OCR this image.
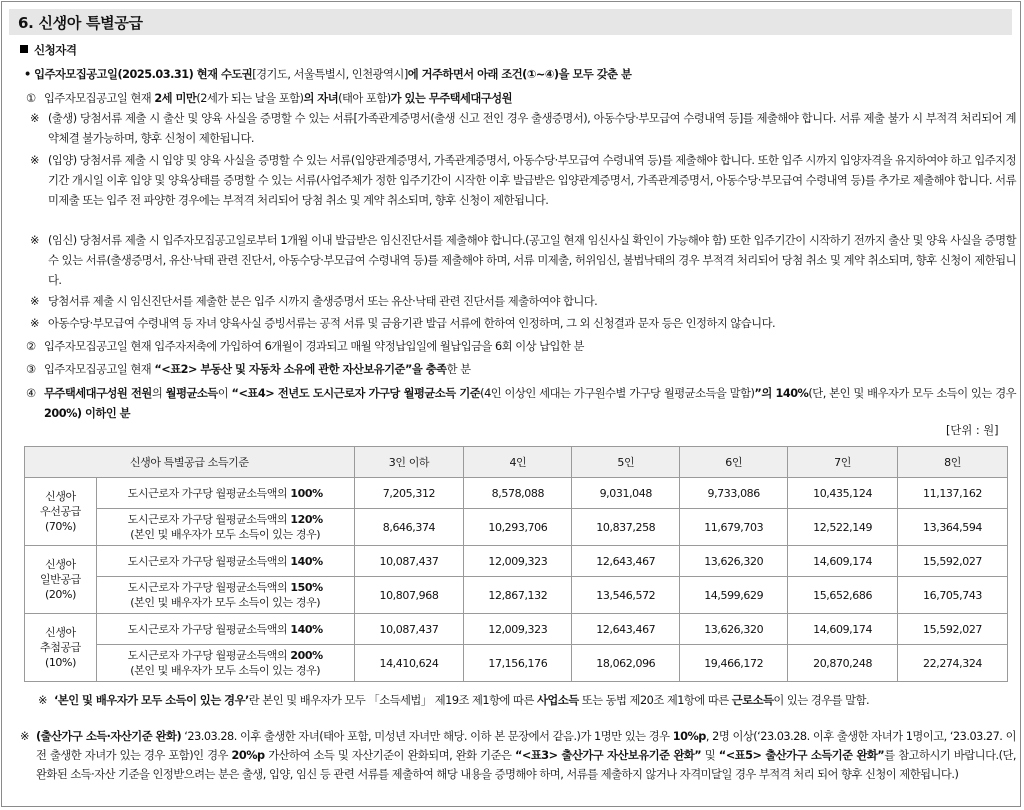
6. 신생아 특별공급
신청자격
• 입주자모집공고일(2025.03.31) 현재 수도권[경기도, 서울특별시, 인천광역시]에 거주하면서 아래 조건(①~④)을 모두 갖춘 분
① 입주자모집공고일 현재 2세 미만(2세가 되는 날을 포함)의 자녀(태아 포함)가 있는 무주택세대구성원
※ (출생) 당첨서류 제출 시 출산 및 양육 사실을 증명할 수 있는 서류[가족관계증명서(출생 신고 전인 경우 출생증명서), 아동수당·부모급여 수령내역 등]를 제출해야 합니다. 서류 제출 불가 시 부적격 처리되어 계약체결 불가능하며, 향후 신청이 제한됩니다.
※ (입양) 당첨서류 제출 시 입양 및 양육 사실을 증명할 수 있는 서류(입양관계증명서, 가족관계증명서, 아동수당·부모급여 수령내역 등)를 제출해야 합니다. 또한 입주 시까지 입양자격을 유지하여야 하고 입주지정기간 개시일 이후 입양 및 양육상태를 증명할 수 있는 서류(사업주체가 정한 입주기간이 시작한 이후 발급받은 입양관계증명서, 가족관계증명서, 아동수당·부모급여 수령내역 등)를 추가로 제출해야 합니다. 서류 미제출 또는 입주 전 파양한 경우에는 부적격 처리되어 당첨 취소 및 계약 취소되며, 향후 신청이 제한됩니다.
※ (임신) 당첨서류 제출 시 입주자모집공고일로부터 1개월 이내 발급받은 임신진단서를 제출해야 합니다.(공고일 현재 임신사실 확인이 가능해야 함) 또한 입주기간이 시작하기 전까지 출산 및 양육 사실을 증명할 수 있는 서류(출생증명서, 유산·낙태 관련 진단서, 아동수당·부모급여 수령내역 등)를 제출해야 하며, 서류 미제출, 허위임신, 불법낙태의 경우 부적격 처리되어 당첨 취소 및 계약 취소되며, 향후 신청이 제한됩니다.
※ 당첨서류 제출 시 임신진단서를 제출한 분은 입주 시까지 출생증명서 또는 유산·낙태 관련 진단서를 제출하여야 합니다.
※ 아동수당·부모급여 수령내역 등 자녀 양육사실 증빙서류는 공적 서류 및 금융기관 발급 서류에 한하여 인정하며, 그 외 신청결과 문자 등은 인정하지 않습니다.
② 입주자모집공고일 현재 입주자저축에 가입하여 6개월이 경과되고 매월 약정납입일에 월납입금을 6회 이상 납입한 분
③ 입주자모집공고일 현재 “<표2> 부동산 및 자동차 소유에 관한 자산보유기준”을 충족한 분
④ 무주택세대구성원 전원의 월평균소득이 “<표4> 전년도 도시근로자 가구당 월평균소득 기준(4인 이상인 세대는 가구원수별 가구당 월평균소득을 말함)”의 140%(단, 본인 및 배우자가 모두 소득이 있는 경우 200%) 이하인 분
[단위 : 원]
신생아 특별공급 소득기준		3인 이하	4인	5인	6인	7인	8인

신생아
우선공급
(70%)	도시근로자 가구당 월평균소득액의 100%	7,205,312	8,578,088	9,031,048	9,733,086	10,435,124	11,137,162

	도시근로자 가구당 월평균소득액의 120%
(본인 및 배우자가 모두 소득이 있는 경우)	8,646,374	10,293,706	10,837,258	11,679,703	12,522,149	13,364,594

신생아
일반공급
(20%)	도시근로자 가구당 월평균소득액의 140%	10,087,437	12,009,323	12,643,467	13,626,320	14,609,174	15,592,027

	도시근로자 가구당 월평균소득액의 150%
(본인 및 배우자가 모두 소득이 있는 경우)	10,807,968	12,867,132	13,546,572	14,599,629	15,652,686	16,705,743

신생아
추첨공급
(10%)	도시근로자 가구당 월평균소득액의 140%	10,087,437	12,009,323	12,643,467	13,626,320	14,609,174	15,592,027

	도시근로자 가구당 월평균소득액의 200%
(본인 및 배우자가 모두 소득이 있는 경우)	14,410,624	17,156,176	18,062,096	19,466,172	20,870,248	22,274,324
※ ‘본인 및 배우자가 모두 소득이 있는 경우’란 본인 및 배우자가 모두 「소득세법」 제19조 제1항에 따른 사업소득 또는 동법 제20조 제1항에 따른 근로소득이 있는 경우를 말함.
※ (출산가구 소득·자산기준 완화) ‘23.03.28. 이후 출생한 자녀(태아 포함, 미성년 자녀만 해당. 이하 본 문장에서 같음.)가 1명만 있는 경우 10%p, 2명 이상(‘23.03.28. 이후 출생한 자녀가 1명이고, ‘23.03.27. 이전 출생한 자녀가 있는 경우 포함)인 경우 20%p 가산하여 소득 및 자산기준이 완화되며, 완화 기준은 “<표3> 출산가구 자산보유기준 완화” 및 “<표5> 출산가구 소득기준 완화”를 참고하시기 바랍니다.(단, 완화된 소득·자산 기준을 인정받으려는 분은 출생, 입양, 임신 등 관련 서류를 제출하여 해당 내용을 증명해야 하며, 서류를 제출하지 않거나 자격미달일 경우 부적격 처리 되어 향후 신청이 제한됩니다.)
